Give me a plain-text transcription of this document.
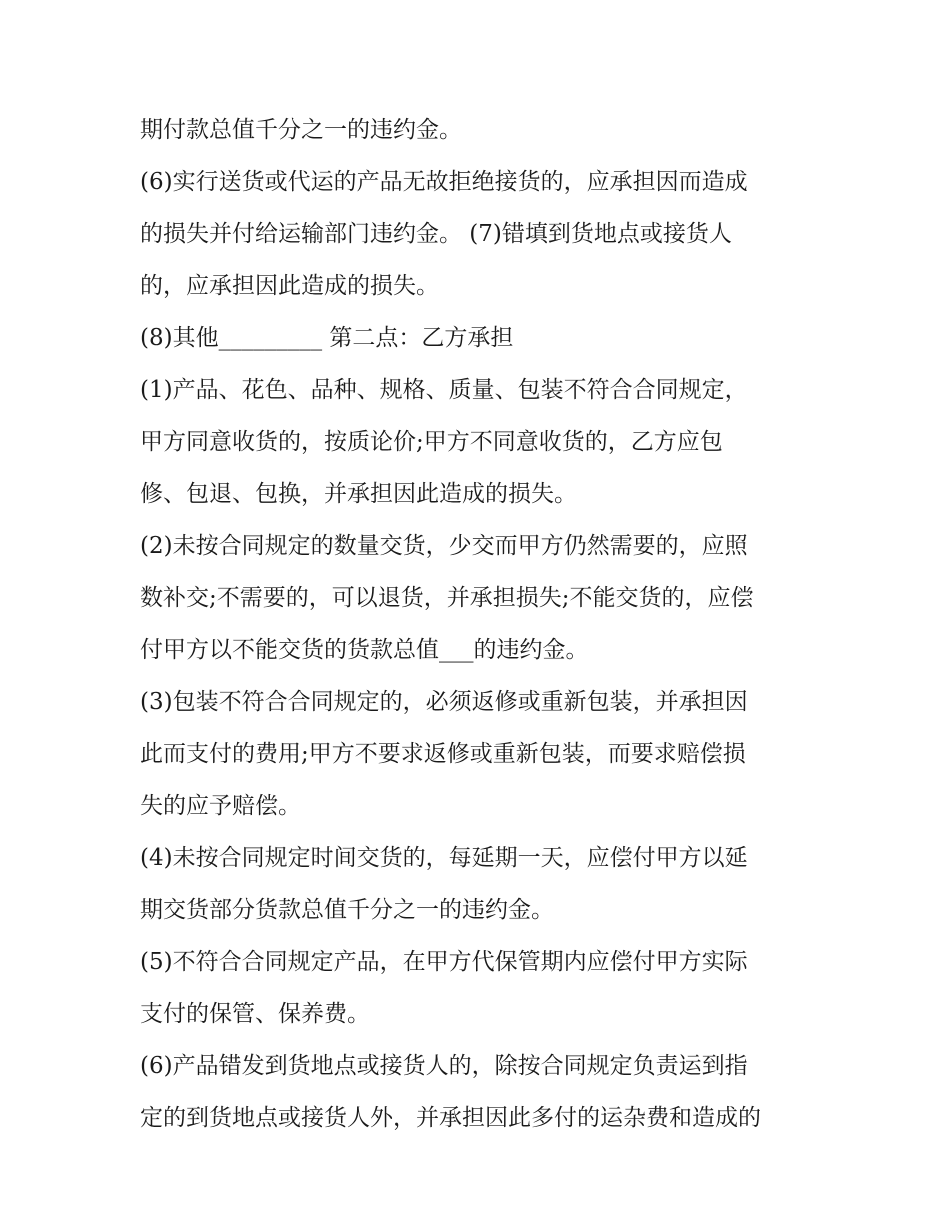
期付款总值千分之一的违约金。
(6)实行送货或代运的产品无故拒绝接货的，应承担因而造成
的损失并付给运输部门违约金。 (7)错填到货地点或接货人
的，应承担因此造成的损失。
(8)其他_________ 第二点：乙方承担
(1)产品、花色、品种、规格、质量、包装不符合合同规定，
甲方同意收货的，按质论价;甲方不同意收货的，乙方应包
修、包退、包换，并承担因此造成的损失。
(2)未按合同规定的数量交货，少交而甲方仍然需要的，应照
数补交;不需要的，可以退货，并承担损失;不能交货的，应偿
付甲方以不能交货的货款总值___的违约金。
(3)包装不符合合同规定的，必须返修或重新包装，并承担因
此而支付的费用;甲方不要求返修或重新包装，而要求赔偿损
失的应予赔偿。
(4)未按合同规定时间交货的，每延期一天，应偿付甲方以延
期交货部分货款总值千分之一的违约金。
(5)不符合合同规定产品，在甲方代保管期内应偿付甲方实际
支付的保管、保养费。
(6)产品错发到货地点或接货人的，除按合同规定负责运到指
定的到货地点或接货人外，并承担因此多付的运杂费和造成的
